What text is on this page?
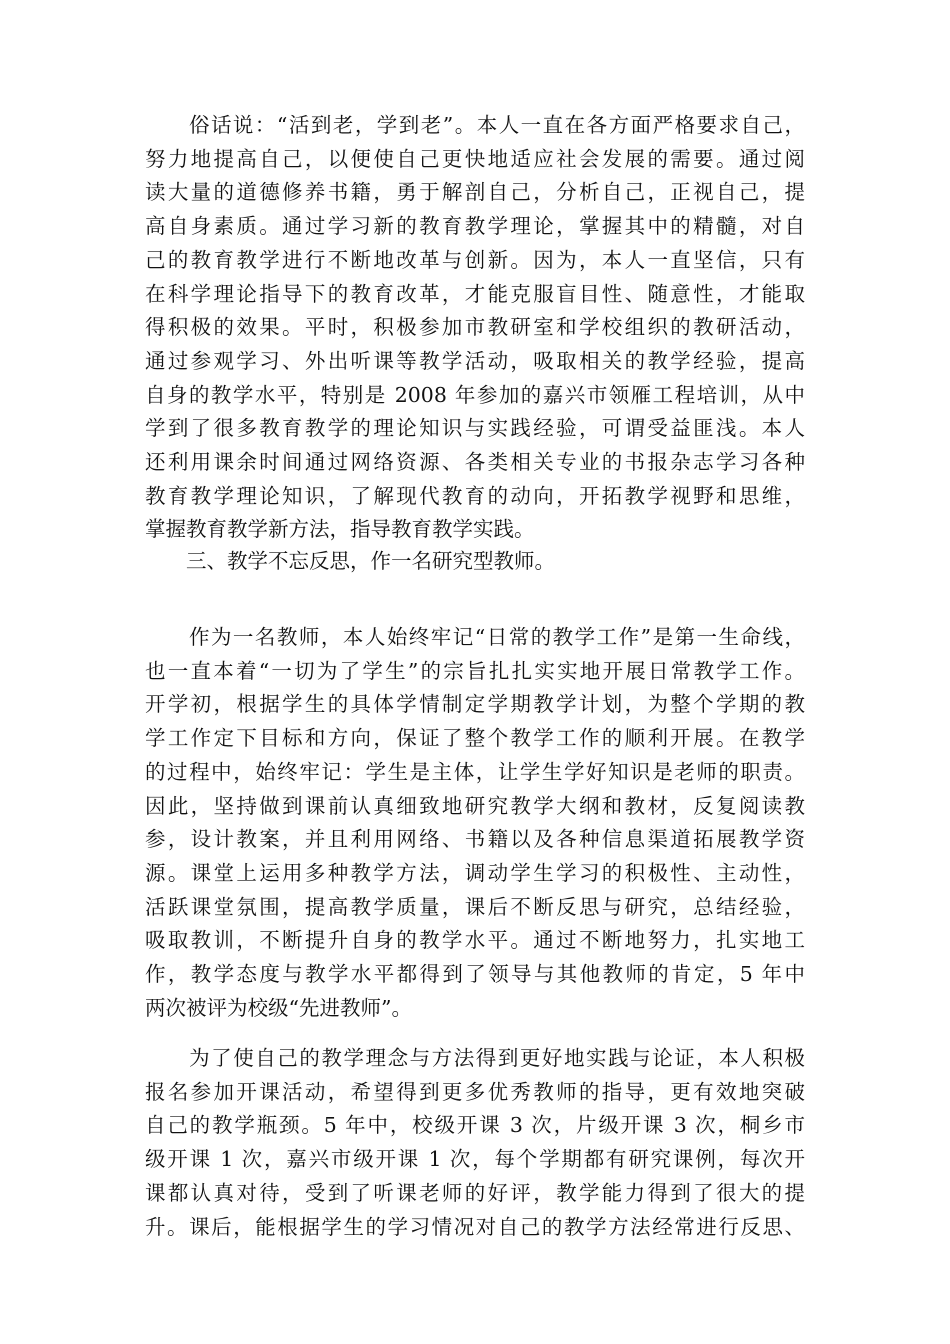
　　俗话说：“活到老，学到老”。本人一直在各方面严格要求自己，
努力地提高自己，以便使自己更快地适应社会发展的需要。通过阅
读大量的道德修养书籍，勇于解剖自己，分析自己，正视自己，提
高自身素质。通过学习新的教育教学理论，掌握其中的精髓，对自
己的教育教学进行不断地改革与创新。因为，本人一直坚信，只有
在科学理论指导下的教育改革，才能克服盲目性、随意性，才能取
得积极的效果。平时，积极参加市教研室和学校组织的教研活动，
通过参观学习、外出听课等教学活动，吸取相关的教学经验，提高
自身的教学水平，特别是 2008 年参加的嘉兴市领雁工程培训，从中
学到了很多教育教学的理论知识与实践经验，可谓受益匪浅。本人
还利用课余时间通过网络资源、各类相关专业的书报杂志学习各种
教育教学理论知识，了解现代教育的动向，开拓教学视野和思维，
掌握教育教学新方法，指导教育教学实践。
　　三、教学不忘反思，作一名研究型教师。
　　作为一名教师，本人始终牢记“日常的教学工作”是第一生命线，
也一直本着“一切为了学生”的宗旨扎扎实实地开展日常教学工作。
开学初，根据学生的具体学情制定学期教学计划，为整个学期的教
学工作定下目标和方向，保证了整个教学工作的顺利开展。在教学
的过程中，始终牢记：学生是主体，让学生学好知识是老师的职责。
因此，坚持做到课前认真细致地研究教学大纲和教材，反复阅读教
参，设计教案，并且利用网络、书籍以及各种信息渠道拓展教学资
源。课堂上运用多种教学方法，调动学生学习的积极性、主动性，
活跃课堂氛围，提高教学质量，课后不断反思与研究，总结经验，
吸取教训，不断提升自身的教学水平。通过不断地努力，扎实地工
作，教学态度与教学水平都得到了领导与其他教师的肯定，5 年中
两次被评为校级“先进教师”。
　　为了使自己的教学理念与方法得到更好地实践与论证，本人积极
报名参加开课活动，希望得到更多优秀教师的指导，更有效地突破
自己的教学瓶颈。5 年中，校级开课 3 次，片级开课 3 次，桐乡市
级开课 1 次，嘉兴市级开课 1 次，每个学期都有研究课例，每次开
课都认真对待，受到了听课老师的好评，教学能力得到了很大的提
升。课后，能根据学生的学习情况对自己的教学方法经常进行反思、
